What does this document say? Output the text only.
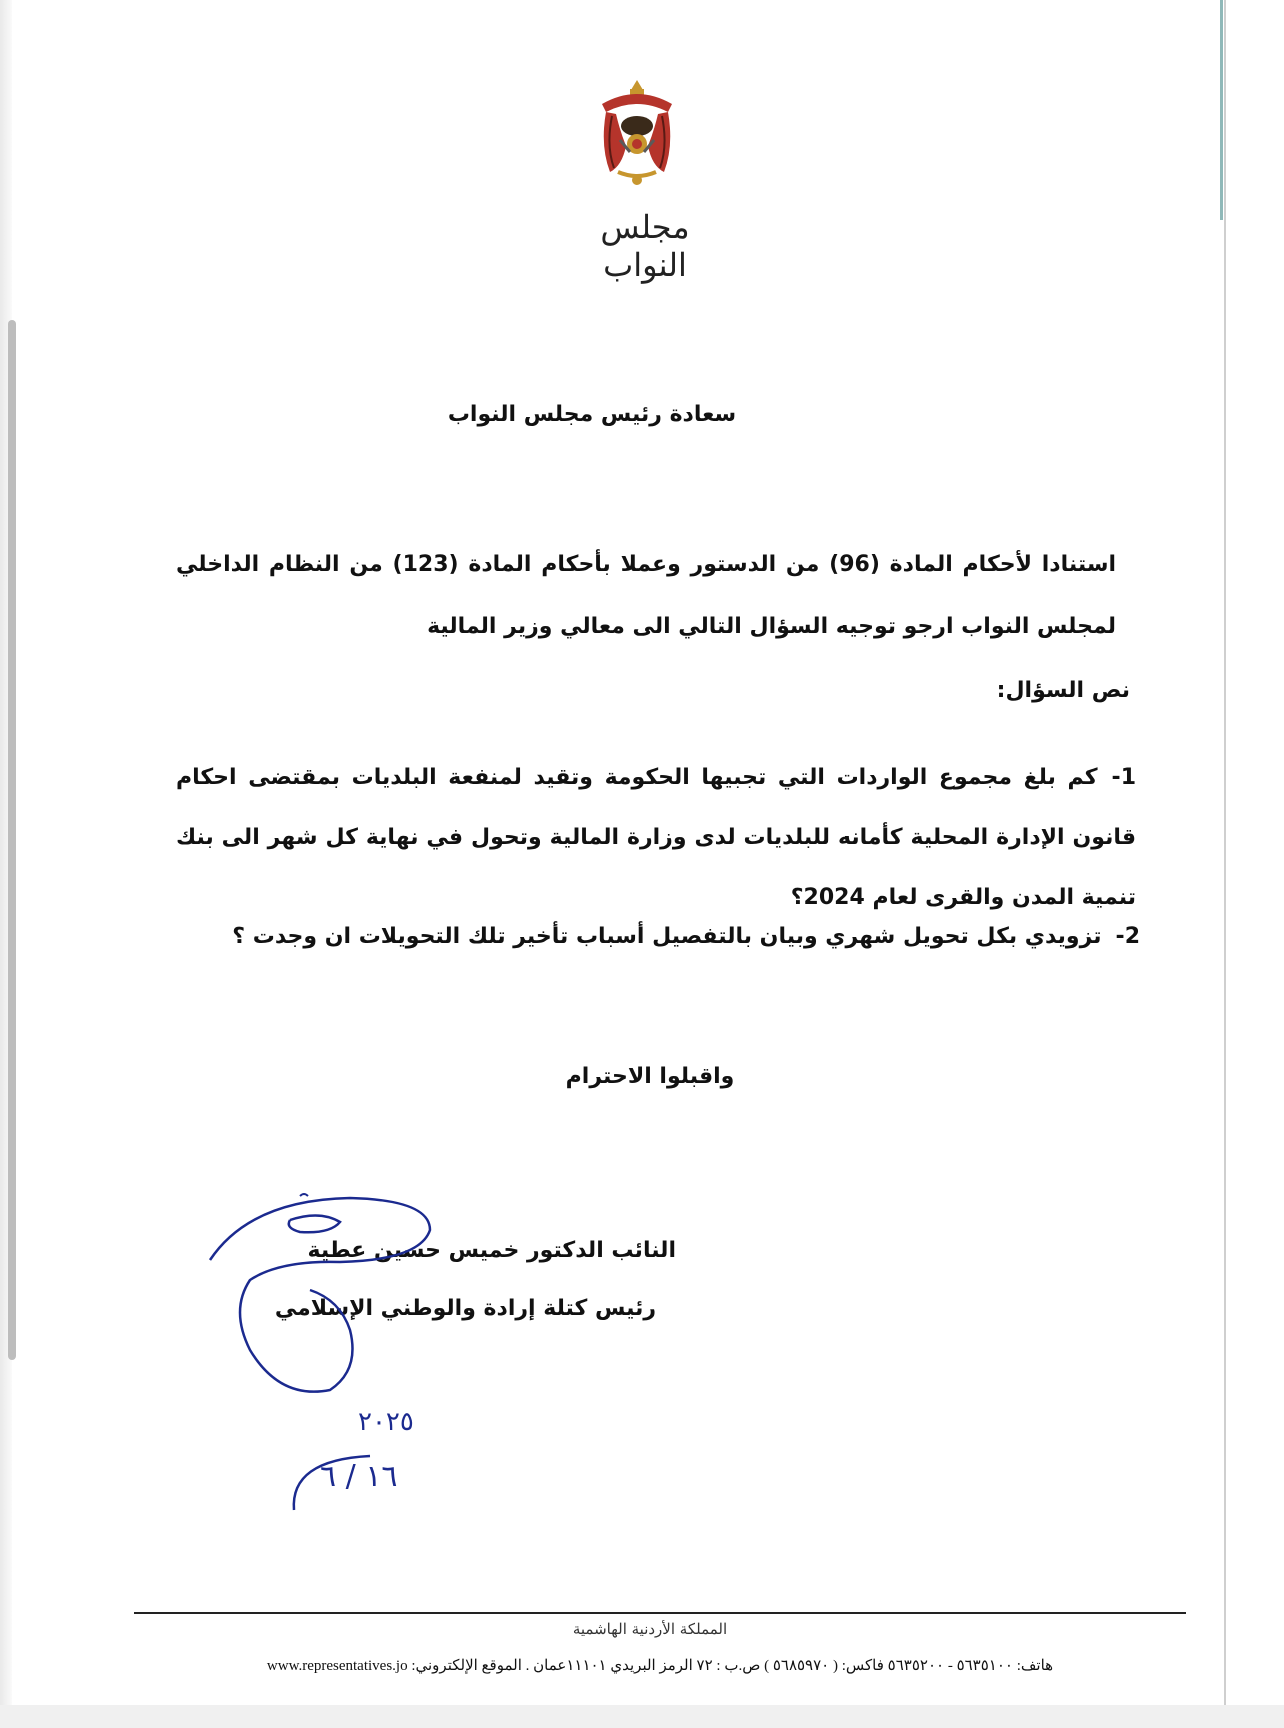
مجلس النواب
سعادة رئيس مجلس النواب
استنادا لأحكام المادة (96) من الدستور وعملا بأحكام المادة (123) من النظام الداخلي لمجلس النواب ارجو توجيه السؤال التالي الى معالي وزير المالية
نص السؤال:
1-كم بلغ مجموع الواردات التي تجبيها الحكومة وتقيد لمنفعة البلديات بمقتضى احكام قانون الإدارة المحلية كأمانه للبلديات لدى وزارة المالية وتحول في نهاية كل شهر الى بنك تنمية المدن والقرى لعام 2024؟
2-تزويدي بكل تحويل شهري وبيان بالتفصيل أسباب تأخير تلك التحويلات ان وجدت ؟
واقبلوا الاحترام
النائب الدكتور خميس حسين عطية
رئيس كتلة إرادة والوطني الإسلامي
٢٠٢٥
١٦ / ٦
المملكة الأردنية الهاشمية
هاتف: ٥٦٣٥١٠٠ - ٥٦٣٥٢٠٠ فاكس: ( ٥٦٨٥٩٧٠ ) ص.ب : ٧٢ الرمز البريدي ١١١٠١عمان . الموقع الإلكتروني: www.representatives.jo
